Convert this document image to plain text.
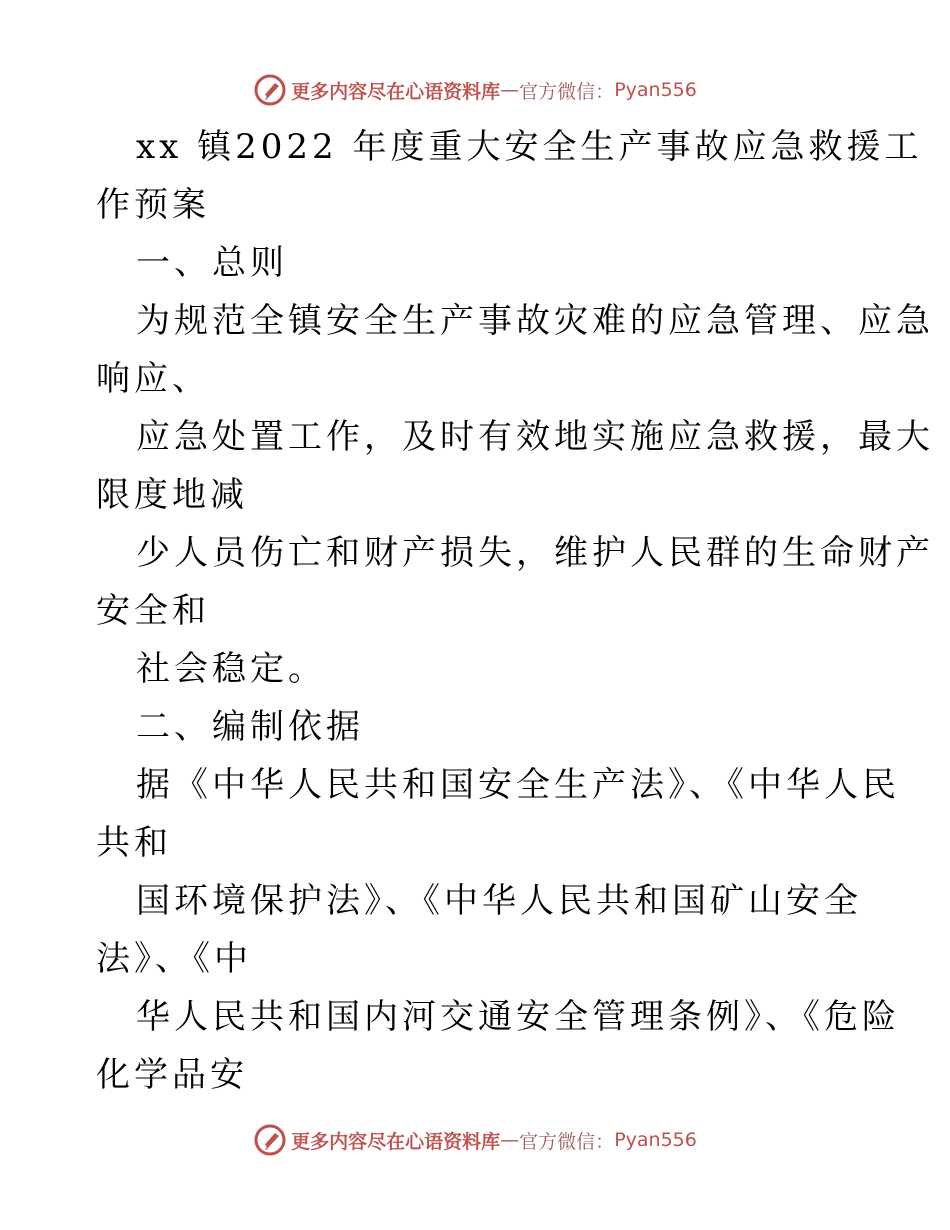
更多内容尽在心语资料库 — 官方微信： Pyan556
xx 镇2022 年度重大安全生产事故应急救援工
作预案
一、总则
为规范全镇安全生产事故灾难的应急管理、应急
响应、
应急处置工作，及时有效地实施应急救援，最大
限度地减
少人员伤亡和财产损失，维护人民群的生命财产
安全和
社会稳定。
二、编制依据
据《中华人民共和国安全生产法》、《中华人民
共和
国环境保护法》、《中华人民共和国矿山安全
法》、《中
华人民共和国内河交通安全管理条例》、《危险
化学品安
更多内容尽在心语资料库 — 官方微信： Pyan556
